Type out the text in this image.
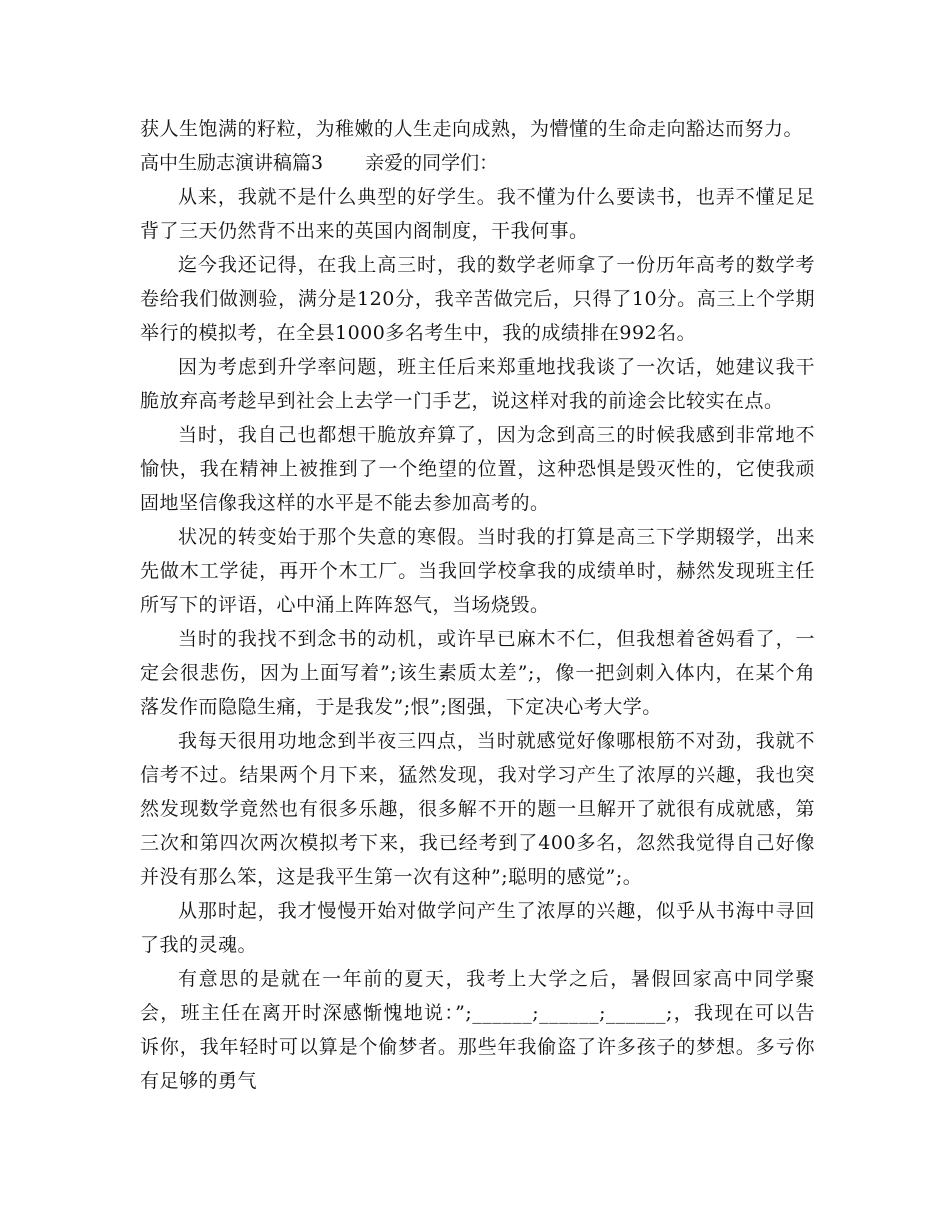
获人生饱满的籽粒，为稚嫩的人生走向成熟，为懵懂的生命走向豁达而努力。

高中生励志演讲稿篇3 亲爱的同学们：

从来，我就不是什么典型的好学生。我不懂为什么要读书，也弄不懂足足背了三天仍然背不出来的英国内阁制度，干我何事。

迄今我还记得，在我上高三时，我的数学老师拿了一份历年高考的数学考卷给我们做测验，满分是120分，我辛苦做完后，只得了10分。高三上个学期举行的模拟考，在全县1000多名考生中，我的成绩排在992名。

因为考虑到升学率问题，班主任后来郑重地找我谈了一次话，她建议我干脆放弃高考趁早到社会上去学一门手艺，说这样对我的前途会比较实在点。

当时，我自己也都想干脆放弃算了，因为念到高三的时候我感到非常地不愉快，我在精神上被推到了一个绝望的位置，这种恐惧是毁灭性的，它使我顽固地坚信像我这样的水平是不能去参加高考的。

状况的转变始于那个失意的寒假。当时我的打算是高三下学期辍学，出来先做木工学徒，再开个木工厂。当我回学校拿我的成绩单时，赫然发现班主任所写下的评语，心中涌上阵阵怒气，当场烧毁。

当时的我找不到念书的动机，或许早已麻木不仁，但我想着爸妈看了，一定会很悲伤，因为上面写着”;该生素质太差”;，像一把剑刺入体内，在某个角落发作而隐隐生痛，于是我发”;恨”;图强，下定决心考大学。

我每天很用功地念到半夜三四点，当时就感觉好像哪根筋不对劲，我就不信考不过。结果两个月下来，猛然发现，我对学习产生了浓厚的兴趣，我也突然发现数学竟然也有很多乐趣，很多解不开的题一旦解开了就很有成就感，第三次和第四次两次模拟考下来，我已经考到了400多名，忽然我觉得自己好像并没有那么笨，这是我平生第一次有这种”;聪明的感觉”;。

从那时起，我才慢慢开始对做学问产生了浓厚的兴趣，似乎从书海中寻回了我的灵魂。

有意思的是就在一年前的夏天，我考上大学之后，暑假回家高中同学聚会，班主任在离开时深感惭愧地说：”;______;______;______;，我现在可以告诉你，我年轻时可以算是个偷梦者。那些年我偷盗了许多孩子的梦想。多亏你有足够的勇气
